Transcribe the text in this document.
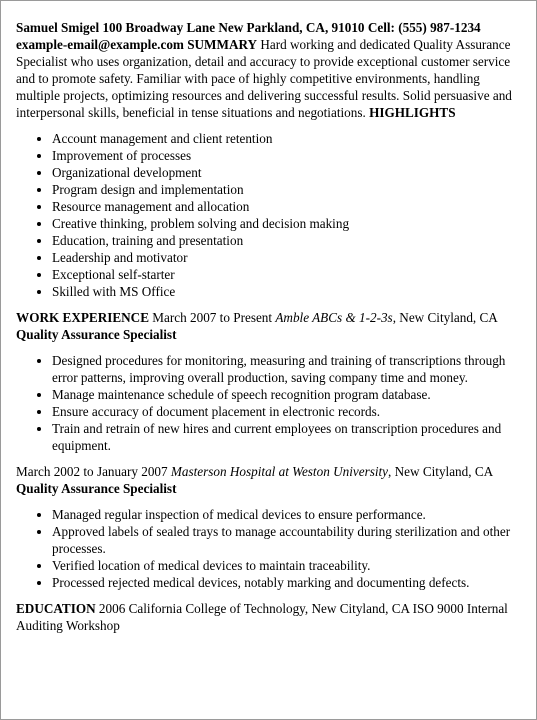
Samuel Smigel 100 Broadway Lane New Parkland, CA, 91010 Cell: (555) 987-1234 example-email@example.com SUMMARY Hard working and dedicated Quality Assurance Specialist who uses organization, detail and accuracy to provide exceptional customer service and to promote safety. Familiar with pace of highly competitive environments, handling multiple projects, optimizing resources and delivering successful results. Solid persuasive and interpersonal skills, beneficial in tense situations and negotiations. HIGHLIGHTS

• Account management and client retention
• Improvement of processes
• Organizational development
• Program design and implementation
• Resource management and allocation
• Creative thinking, problem solving and decision making
• Education, training and presentation
• Leadership and motivator
• Exceptional self-starter
• Skilled with MS Office

WORK EXPERIENCE March 2007 to Present Amble ABCs & 1-2-3s, New Cityland, CA Quality Assurance Specialist

• Designed procedures for monitoring, measuring and training of transcriptions through error patterns, improving overall production, saving company time and money.
• Manage maintenance schedule of speech recognition program database.
• Ensure accuracy of document placement in electronic records.
• Train and retrain of new hires and current employees on transcription procedures and equipment.

March 2002 to January 2007 Masterson Hospital at Weston University, New Cityland, CA Quality Assurance Specialist

• Managed regular inspection of medical devices to ensure performance.
• Approved labels of sealed trays to manage accountability during sterilization and other processes.
• Verified location of medical devices to maintain traceability.
• Processed rejected medical devices, notably marking and documenting defects.

EDUCATION 2006 California College of Technology, New Cityland, CA ISO 9000 Internal Auditing Workshop
